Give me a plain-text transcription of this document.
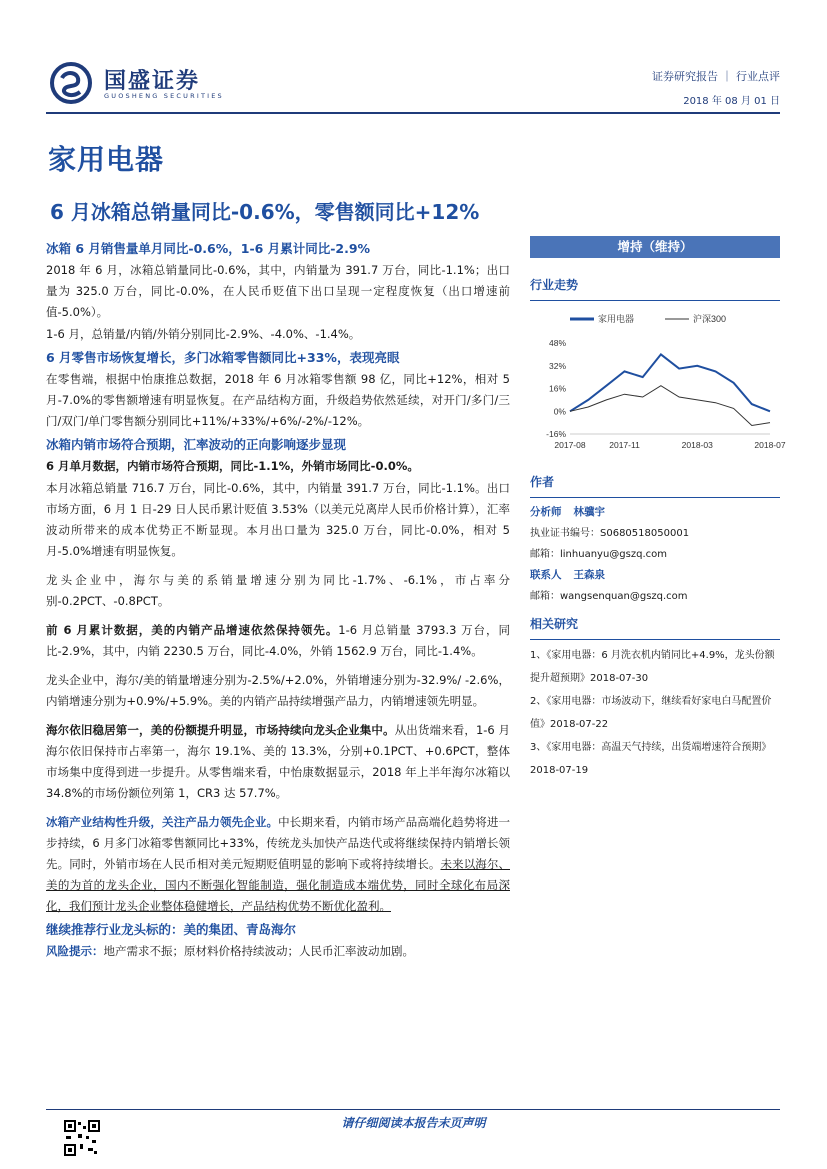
国盛证券
GUOSHENG SECURITIES
证券研究报告 ｜ 行业点评
2018 年 08 月 01 日
家用电器
6 月冰箱总销量同比-0.6%，零售额同比+12%
冰箱 6 月销售量单月同比-0.6%，1-6 月累计同比-2.9%
2018 年 6 月，冰箱总销量同比-0.6%，其中，内销量为 391.7 万台，同比-1.1%；出口量为 325.0 万台，同比-0.0%，在人民币贬值下出口呈现一定程度恢复（出口增速前值-5.0%）。
1-6 月，总销量/内销/外销分别同比-2.9%、-4.0%、-1.4%。
6 月零售市场恢复增长，多门冰箱零售额同比+33%，表现亮眼
在零售端，根据中怡康推总数据，2018 年 6 月冰箱零售额 98 亿，同比+12%，相对 5 月-7.0%的零售额增速有明显恢复。在产品结构方面，升级趋势依然延续，对开门/多门/三门/双门/单门零售额分别同比+11%/+33%/+6%/-2%/-12%。
冰箱内销市场符合预期，汇率波动的正向影响逐步显现
6 月单月数据，内销市场符合预期，同比-1.1%，外销市场同比-0.0%。
本月冰箱总销量 716.7 万台，同比-0.6%，其中，内销量 391.7 万台，同比-1.1%。出口市场方面，6 月 1 日-29 日人民币累计贬值 3.53%（以美元兑离岸人民币价格计算），汇率波动所带来的成本优势正不断显现。本月出口量为 325.0 万台，同比-0.0%，相对 5 月-5.0%增速有明显恢复。
龙头企业中，海尔与美的系销量增速分别为同比-1.7%、-6.1%，市占率分别-0.2PCT、-0.8PCT。
前 6 月累计数据，美的内销产品增速依然保持领先。1-6 月总销量 3793.3 万台，同比-2.9%，其中，内销 2230.5 万台，同比-4.0%，外销 1562.9 万台，同比-1.4%。
龙头企业中，海尔/美的销量增速分别为-2.5%/+2.0%，外销增速分别为-32.9%/ -2.6%，内销增速分别为+0.9%/+5.9%。美的内销产品持续增强产品力，内销增速领先明显。
海尔依旧稳居第一，美的份额提升明显，市场持续向龙头企业集中。从出货端来看，1-6 月海尔依旧保持市占率第一，海尔 19.1%、美的 13.3%，分别+0.1PCT、+0.6PCT，整体市场集中度得到进一步提升。从零售端来看，中怡康数据显示，2018 年上半年海尔冰箱以 34.8%的市场份额位列第 1，CR3 达 57.7%。
冰箱产业结构性升级，关注产品力领先企业。中长期来看，内销市场产品高端化趋势将进一步持续，6 月多门冰箱零售额同比+33%，传统龙头加快产品迭代或将继续保持内销增长领先。同时，外销市场在人民币相对美元短期贬值明显的影响下或将持续增长。未来以海尔、美的为首的龙头企业，国内不断强化智能制造，强化制造成本端优势，同时全球化布局深化，我们预计龙头企业整体稳健增长，产品结构优势不断优化盈利。
继续推荐行业龙头标的：美的集团、青岛海尔
风险提示：地产需求不振；原材料价格持续波动；人民币汇率波动加剧。
增持（维持）
行业走势
家用电器	沪深300
48%
32%
16%
0%
-16%
2017-08	2017-11	2018-03	2018-07
作者
分析师 林骥宇
执业证书编号：S0680518050001
邮箱：linhuanyu@gszq.com
联系人 王森泉
邮箱：wangsenquan@gszq.com
相关研究
1、《家用电器：6 月洗衣机内销同比+4.9%，龙头份额提升超预期》2018-07-30
2、《家用电器：市场波动下，继续看好家电白马配置价值》2018-07-22
3、《家用电器：高温天气持续，出货端增速符合预期》2018-07-19
请仔细阅读本报告末页声明
